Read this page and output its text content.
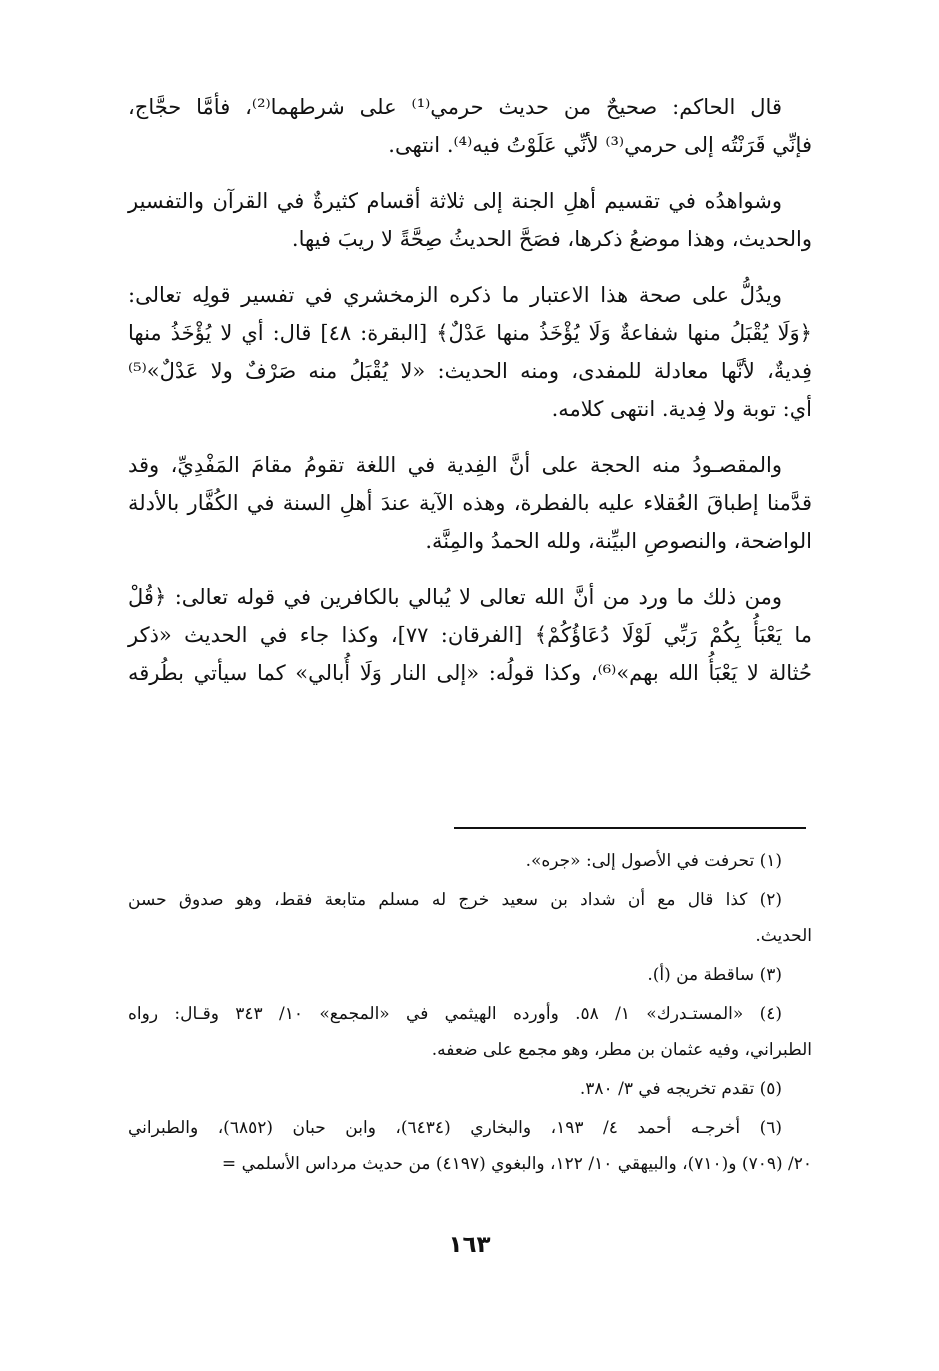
قال الحاكم: صحيحٌ من حديث حرمي⁽¹⁾ على شرطهما⁽²⁾، فأمَّا حجَّاج،
فإنِّي قَرَنْتُه إلى حرمي⁽³⁾ لأنِّي عَلَوْتُ فيه⁽⁴⁾. انتهى.
وشواهدُه في تقسيم أهلِ الجنة إلى ثلاثة أقسام كثيرةٌ في القرآن والتفسير
والحديث، وهذا موضعُ ذكرها، فصَحَّ الحديثُ صِحَّةً لا ريبَ فيها.
ويدُلُّ على صحة هذا الاعتبار ما ذكره الزمخشري في تفسير قولِه تعالى:
﴿وَلَا يُقْبَلُ منها شفاعةٌ وَلَا يُؤْخَذُ منها عَدْلٌ﴾ [البقرة: ٤٨] قال: أي لا يُؤْخَذُ منها
فِديةٌ، لأنَّها معادلة للمفدى، ومنه الحديث: «لا يُقْبَلُ منه صَرْفٌ ولا عَدْلٌ»⁽⁵⁾
أي: توبة ولا فِدية. انتهى كلامه.
والمقصـودُ منه الحجة على أنَّ الفِدية في اللغة تقومُ مقامَ المَفْدِيِّ، وقد
قدَّمنا إطباقَ العُقلاء عليه بالفطرة، وهذه الآية عندَ أهلِ السنة في الكُفَّار بالأدلة
الواضحة، والنصوصِ البيِّنة، ولله الحمدُ والمِنَّة.
ومن ذلك ما ورد من أنَّ الله تعالى لا يُبالي بالكافرين في قوله تعالى: ﴿قُلْ
ما يَعْبَأُ بِكُمْ رَبِّي لَوْلَا دُعَاؤُكُمْ﴾ [الفرقان: ٧٧]، وكذا جاء في الحديث «ذكر
حُثالة لا يَعْبَأُ الله بهم»⁽⁶⁾، وكذا قولُه: «إلى النار وَلَا أُبالي» كما سيأتي بطُرقه
(١) تحرفت في الأصول إلى: «جره».
(٢) كذا قال مع أن شداد بن سعيد خرج له مسلم متابعة فقط، وهو صدوق حسن
الحديث.
(٣) ساقطة من (أ).
(٤) «المستـدرك» ١/ ٥٨. وأورده الهيثمي في «المجمع» ١٠/ ٣٤٣ وقـال: رواه
الطبراني، وفيه عثمان بن مطر، وهو مجمع على ضعفه.
(٥) تقدم تخريجه في ٣/ ٣٨٠.
(٦) أخرجـه أحمد ٤/ ١٩٣، والبخاري (٦٤٣٤)، وابن حبان (٦٨٥٢)، والطبراني
٢٠/ (٧٠٩) و(٧١٠)، والبيهقي ١٠/ ١٢٢، والبغوي (٤١٩٧) من حديث مرداس الأسلمي =
١٦٣
